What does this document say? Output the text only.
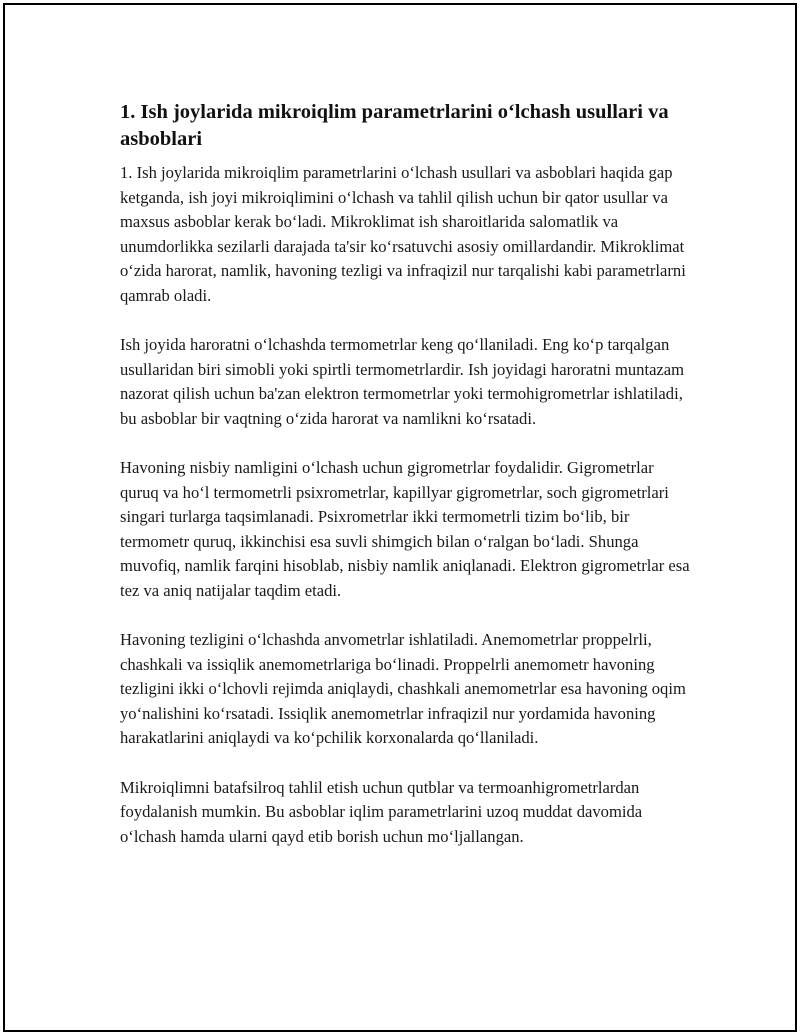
1. Ish joylarida mikroiqlim parametrlarini o‘lchash usullari va asboblari

1. Ish joylarida mikroiqlim parametrlarini o‘lchash usullari va asboblari haqida gap ketganda, ish joyi mikroiqlimini o‘lchash va tahlil qilish uchun bir qator usullar va maxsus asboblar kerak bo‘ladi. Mikroklimat ish sharoitlarida salomatlik va unumdorlikka sezilarli darajada ta'sir ko‘rsatuvchi asosiy omillardandir. Mikroklimat o‘zida harorat, namlik, havoning tezligi va infraqizil nur tarqalishi kabi parametrlarni qamrab oladi.

Ish joyida haroratni o‘lchashda termometrlar keng qo‘llaniladi. Eng ko‘p tarqalgan usullaridan biri simobli yoki spirtli termometrlardir. Ish joyidagi haroratni muntazam nazorat qilish uchun ba'zan elektron termometrlar yoki termohigrometrlar ishlatiladi, bu asboblar bir vaqtning o‘zida harorat va namlikni ko‘rsatadi.

Havoning nisbiy namligini o‘lchash uchun gigrometrlar foydalidir. Gigrometrlar quruq va ho‘l termometrli psixrometrlar, kapillyar gigrometrlar, soch gigrometrlari singari turlarga taqsimlanadi. Psixrometrlar ikki termometrli tizim bo‘lib, bir termometr quruq, ikkinchisi esa suvli shimgich bilan o‘ralgan bo‘ladi. Shunga muvofiq, namlik farqini hisoblab, nisbiy namlik aniqlanadi. Elektron gigrometrlar esa tez va aniq natijalar taqdim etadi.

Havoning tezligini o‘lchashda anvometrlar ishlatiladi. Anemometrlar proppelrli, chashkali va issiqlik anemometrlariga bo‘linadi. Proppelrli anemometr havoning tezligini ikki o‘lchovli rejimda aniqlaydi, chashkali anemometrlar esa havoning oqim yo‘nalishini ko‘rsatadi. Issiqlik anemometrlar infraqizil nur yordamida havoning harakatlarini aniqlaydi va ko‘pchilik korxonalarda qo‘llaniladi.

Mikroiqlimni batafsilroq tahlil etish uchun qutblar va termoanhigrometrlardan foydalanish mumkin. Bu asboblar iqlim parametrlarini uzoq muddat davomida o‘lchash hamda ularni qayd etib borish uchun mo‘ljallangan.
